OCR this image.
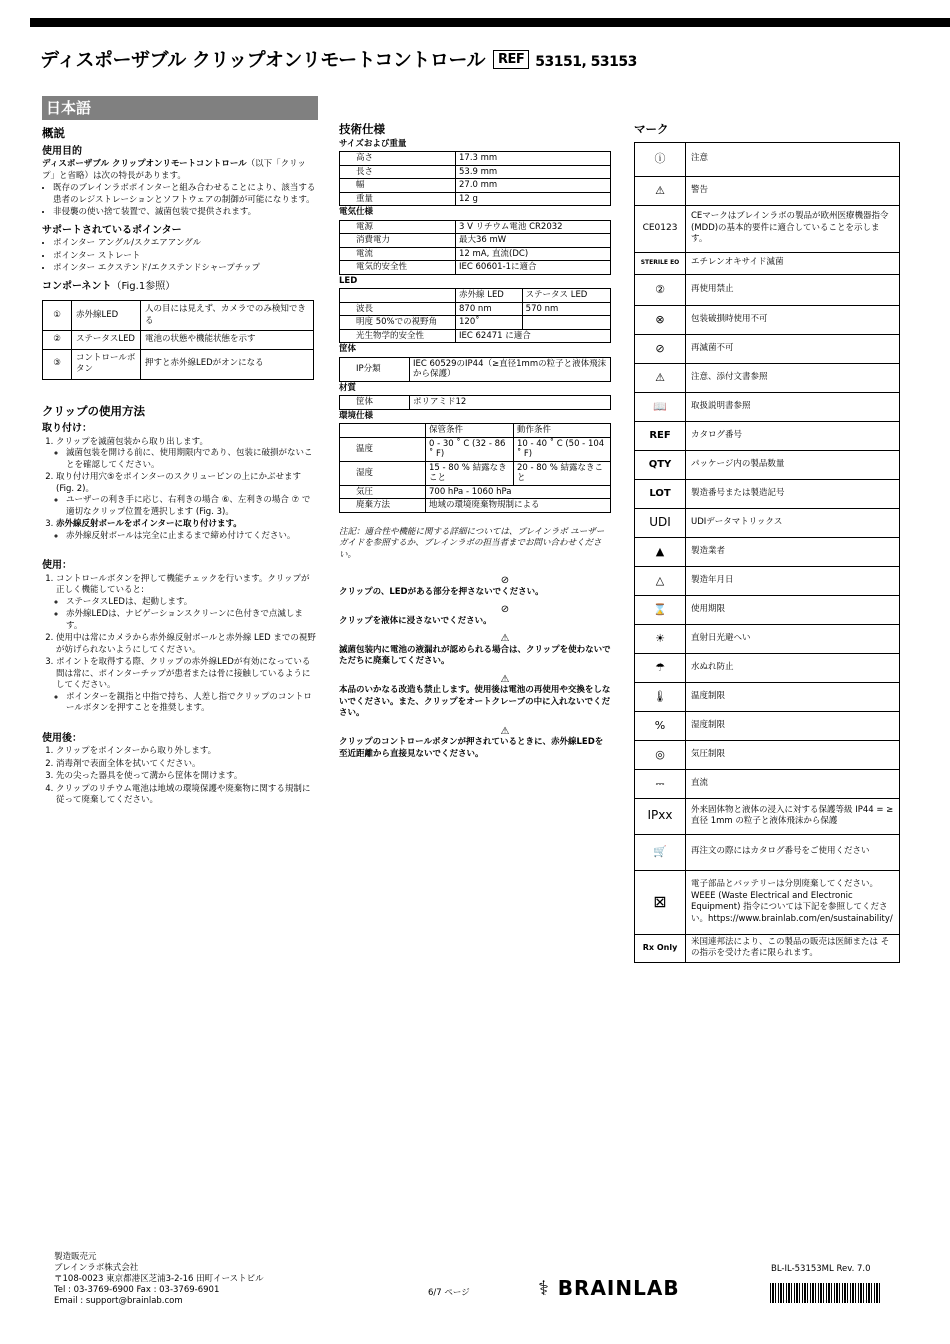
ディスポーザブル クリップオンリモートコントロール REF 53151, 53153
日本語
概説
使用目的
ディスポーザブル クリップオンリモートコントロール（以下「クリップ」と省略）は次の特長があります。
• 既存のブレインラボポインターと組み合わせることにより、該当する患者のレジストレーションとソフトウェアの制御が可能になります。
• 非侵襲の使い捨て装置で、滅菌包装で提供されます。
サポートされているポインター
• ポインター アングル/スクエアアングル
• ポインター ストレート
• ポインター エクステンド/エクステンドシャープチップ
コンポーネント（Fig.1参照）
①	赤外線LED	人の目には見えず、カメラでのみ検知できる
②	ステータスLED	電池の状態や機能状態を示す
③	コントロールボタン	押すと赤外線LEDがオンになる
クリップの使用方法
取り付け：
1. クリップを滅菌包装から取り出します。
◦ 滅菌包装を開ける前に、使用期限内であり、包装に破損がないことを確認してください。
2. 取り付け用穴⑤をポインターのスクリューピンの上にかぶせます (Fig. 2)。
◦ ユーザーの利き手に応じ、右利きの場合 ⑥、左利きの場合 ⑦ で適切なクリップ位置を選択します (Fig. 3)。
3. 赤外線反射ボールをポインターに取り付けます。
◦ 赤外線反射ボールは完全に止まるまで締め付けてください。
使用：
1. コントロールボタンを押して機能チェックを行います。クリップが正しく機能していると:
◦ ステータスLEDは、起動します。
◦ 赤外線LEDは、ナビゲーションスクリーンに色付きで点滅します。
2. 使用中は常にカメラから赤外線反射ボールと赤外線 LED までの視野が妨げられないようにしてください。
3. ポイントを取得する際、クリップの赤外線LEDが有効になっている間は常に、ポインターチップが患者または骨に接触しているようにしてください。
◦ ポインターを親指と中指で持ち、人差し指でクリップのコントロールボタンを押すことを推奨します。
使用後：
1. クリップをポインターから取り外します。
2. 消毒剤で表面全体を拭いてください。
3. 先の尖った器具を使って溝から筐体を開けます。
4. クリップのリチウム電池は地域の環境保護や廃棄物に関する規制に従って廃棄してください。
技術仕様
サイズおよび重量
高さ	17.3 mm
長さ	53.9 mm
幅	27.0 mm
重量	12 g
電気仕様
電源	3 V リチウム電池 CR2032
消費電力	最大36 mW
電流	12 mA, 直流(DC)
電気的安全性	IEC 60601-1に適合
LED
	赤外線 LED	ステータス LED
波長	870 nm	570 nm
明度 50%での視野角	120˚	
光生物学的安全性	IEC 62471 に適合	
筐体
IP分類	IEC 60529のIP44（≥直径1mmの粒子と液体飛沫から保護）
材質
筐体	ポリアミド12
環境仕様
	保管条件	動作条件
温度	0 - 30 ˚ C (32 - 86 ˚ F)	10 - 40 ˚ C (50 - 104 ˚ F)
湿度	15 - 80 % 結露なきこと	20 - 80 % 結露なきこと
気圧	700 hPa - 1060 hPa	
廃棄方法	地域の環境廃棄物規制による	
注記：適合性や機能に関する詳細については、ブレインラボ ユーザーガイドを参照するか、ブレインラボの担当者までお問い合わせください。
⊘
クリップの、LEDがある部分を押さないでください。
⊘
クリップを液体に浸さないでください。
⚠
滅菌包装内に電池の液漏れが認められる場合は、クリップを使わないでただちに廃棄してください。
⚠
本品のいかなる改造も禁止します。使用後は電池の再使用や交換をしないでください。また、クリップをオートクレーブの中に入れないでください。
⚠
クリップのコントロールボタンが押されているときに、赤外線LEDを至近距離から直接見ないでください。
マーク
ⓘ	注意
⚠	警告
CE0123	CEマークはブレインラボの製品が欧州医療機器指令 (MDD)の基本的要件に適合していることを示します。
STERILE EO	エチレンオキサイド滅菌
②	再使用禁止
⊗	包装破損時使用不可
⊘	再滅菌不可
⚠	注意、添付文書参照
📖	取扱説明書参照
REF	カタログ番号
QTY	パッケージ内の製品数量
LOT	製造番号または製造記号
UDI	UDIデータマトリックス
▲	製造業者
△	製造年月日
⌛	使用期限
☀	直射日光避へい
☂	水ぬれ防止
🌡	温度制限
%	湿度制限
◎	気圧制限
⎓	直流
IPxx	外来固体物と液体の浸入に対する保護等級 IP44 = ≥直径 1mm の粒子と液体飛沫から保護
🛒	再注文の際にはカタログ番号をご使用ください
⊠	電子部品とバッテリーは分別廃棄してください。WEEE (Waste Electrical and Electronic Equipment) 指令については下記を参照してください。https://www.brainlab.com/en/sustainability/
Rx Only	米国連邦法により、この製品の販売は医師または その指示を受けた者に限られます。
製造販売元
ブレインラボ株式会社
〒108-0023 東京都港区芝浦3-2-16 田町イーストビル
Tel : 03-3769-6900 Fax : 03-3769-6901
Email : support@brainlab.com
6/7 ページ	⚕ BRAINLAB
BL-IL-53153ML Rev. 7.0
